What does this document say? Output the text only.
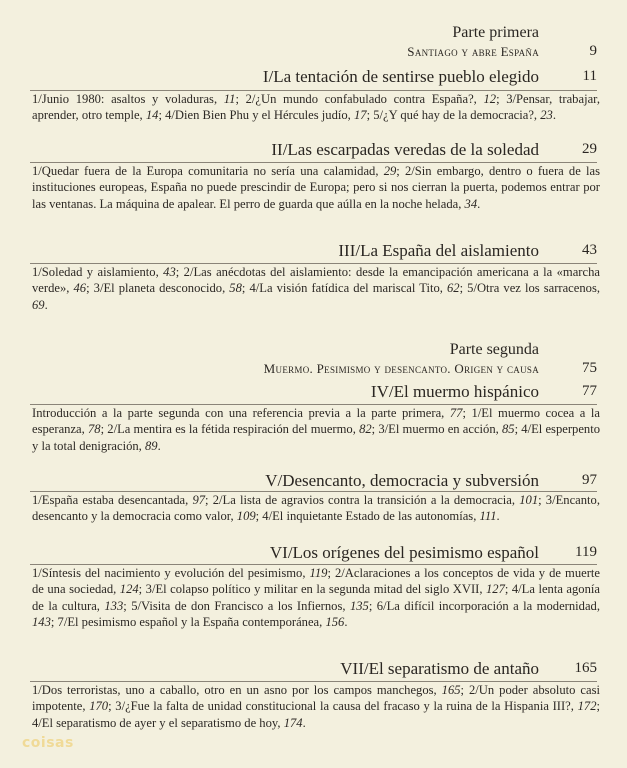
Parte primera
Santiago y abre España	9
I/La tentación de sentirse pueblo elegido	11
1/Junio 1980: asaltos y voladuras, 11; 2/¿Un mundo confabulado contra España?, 12; 3/Pensar, trabajar, aprender, otro temple, 14; 4/Dien Bien Phu y el Hércules judío, 17; 5/¿Y qué hay de la democracia?, 23.
II/Las escarpadas veredas de la soledad	29
1/Quedar fuera de la Europa comunitaria no sería una calamidad, 29; 2/Sin embargo, dentro o fuera de las instituciones europeas, España no puede prescindir de Europa; pero si nos cierran la puerta, podemos entrar por las ventanas. La máquina de apalear. El perro de guarda que aúlla en la noche helada, 34.
III/La España del aislamiento	43
1/Soledad y aislamiento, 43; 2/Las anécdotas del aislamiento: desde la emancipación americana a la «marcha verde», 46; 3/El planeta desconocido, 58; 4/La visión fatídica del mariscal Tito, 62; 5/Otra vez los sarracenos, 69.
Parte segunda
Muermo. Pesimismo y desencanto. Origen y causa	75
IV/El muermo hispánico	77
Introducción a la parte segunda con una referencia previa a la parte primera, 77; 1/El muermo cocea a la esperanza, 78; 2/La mentira es la fétida respiración del muermo, 82; 3/El muermo en acción, 85; 4/El esperpento y la total denigración, 89.
V/Desencanto, democracia y subversión	97
1/España estaba desencantada, 97; 2/La lista de agravios contra la transición a la democracia, 101; 3/Encanto, desencanto y la democracia como valor, 109; 4/El inquietante Estado de las autonomías, 111.
VI/Los orígenes del pesimismo español	119
1/Síntesis del nacimiento y evolución del pesimismo, 119; 2/Aclaraciones a los conceptos de vida y de muerte de una sociedad, 124; 3/El colapso político y militar en la segunda mitad del siglo XVII, 127; 4/La lenta agonía de la cultura, 133; 5/Visita de don Francisco a los Infiernos, 135; 6/La difícil incorporación a la modernidad, 143; 7/El pesimismo español y la España contemporánea, 156.
VII/El separatismo de antaño	165
1/Dos terroristas, uno a caballo, otro en un asno por los campos manchegos, 165; 2/Un poder absoluto casi impotente, 170; 3/¿Fue la falta de unidad constitucional la causa del fracaso y la ruina de la Hispania III?, 172; 4/El separatismo de ayer y el separatismo de hoy, 174.
coisas
